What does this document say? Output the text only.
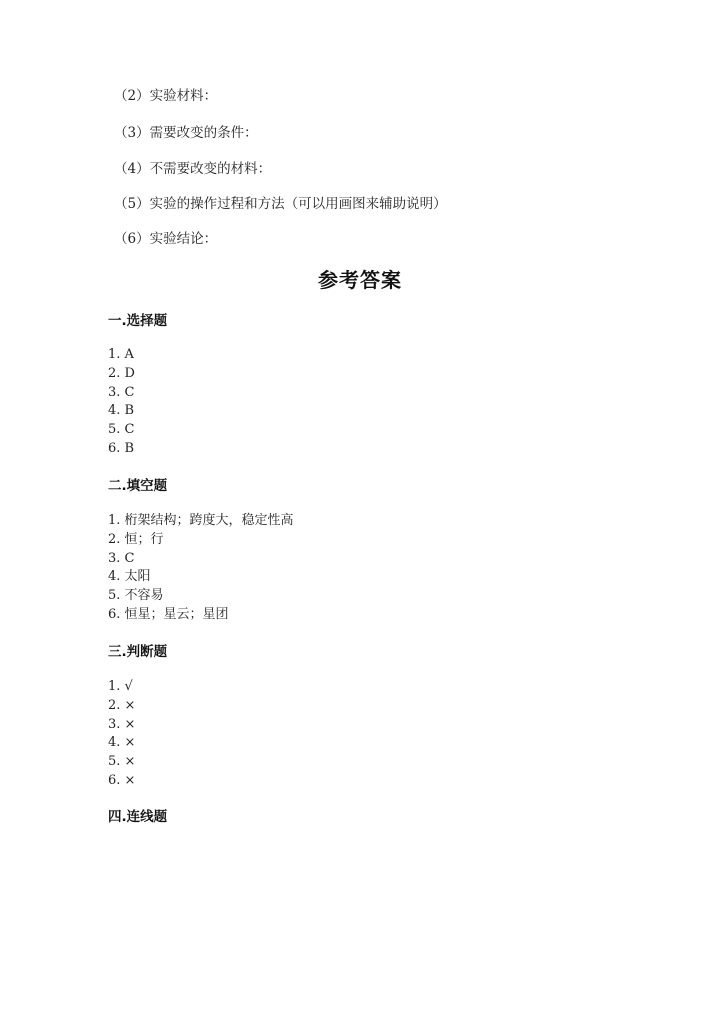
（2）实验材料：
（3）需要改变的条件：
（4）不需要改变的材料：
（5）实验的操作过程和方法（可以用画图来辅助说明）
（6）实验结论：
参考答案
一.选择题
1. A
2. D
3. C
4. B
5. C
6. B
二.填空题
1. 桁架结构；跨度大，稳定性高
2. 恒；行
3. C
4. 太阳
5. 不容易
6. 恒星；星云；星团
三.判断题
1. √
2. ×
3. ×
4. ×
5. ×
6. ×
四.连线题
